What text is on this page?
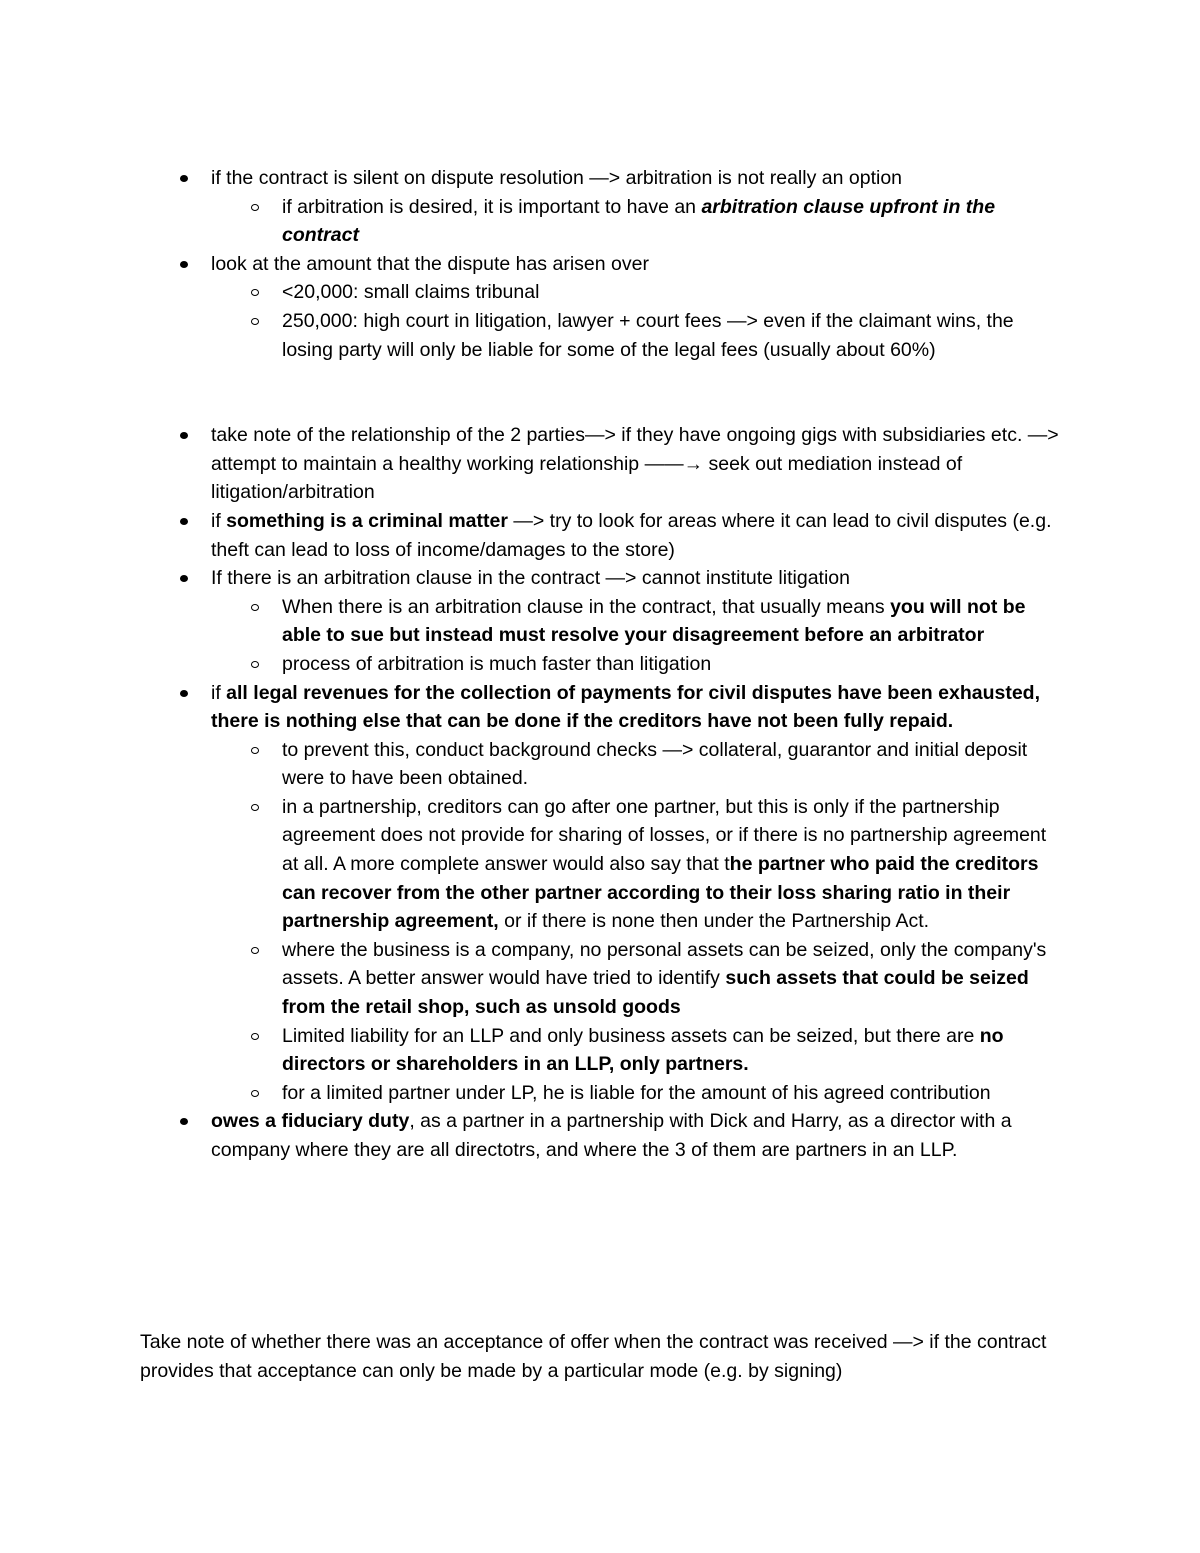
if the contract is silent on dispute resolution —> arbitration is not really an option
if arbitration is desired, it is important to have an arbitration clause upfront in the contract
look at the amount that the dispute has arisen over
<20,000: small claims tribunal
250,000: high court in litigation, lawyer + court fees —> even if the claimant wins, the losing party will only be liable for some of the legal fees (usually about 60%)
take note of the relationship of the 2 parties—> if they have ongoing gigs with subsidiaries etc. —> attempt to maintain a healthy working relationship ——→ seek out mediation instead of litigation/arbitration
if something is a criminal matter —> try to look for areas where it can lead to civil disputes (e.g. theft can lead to loss of income/damages to the store)
If there is an arbitration clause in the contract —> cannot institute litigation
When there is an arbitration clause in the contract, that usually means you will not be able to sue but instead must resolve your disagreement before an arbitrator
process of arbitration is much faster than litigation
if all legal revenues for the collection of payments for civil disputes have been exhausted, there is nothing else that can be done if the creditors have not been fully repaid.
to prevent this, conduct background checks —> collateral, guarantor and initial deposit were to have been obtained.
in a partnership, creditors can go after one partner, but this is only if the partnership agreement does not provide for sharing of losses, or if there is no partnership agreement at all. A more complete answer would also say that the partner who paid the creditors can recover from the other partner according to their loss sharing ratio in their partnership agreement, or if there is none then under the Partnership Act.
where the business is a company, no personal assets can be seized, only the company's assets. A better answer would have tried to identify such assets that could be seized from the retail shop, such as unsold goods
Limited liability for an LLP and only business assets can be seized, but there are no directors or shareholders in an LLP, only partners.
for a limited partner under LP, he is liable for the amount of his agreed contribution
owes a fiduciary duty, as a partner in a partnership with Dick and Harry, as a director with a company where they are all directotrs, and where the 3 of them are partners in an LLP.

Take note of whether there was an acceptance of offer when the contract was received —> if the contract provides that acceptance can only be made by a particular mode (e.g. by signing)
